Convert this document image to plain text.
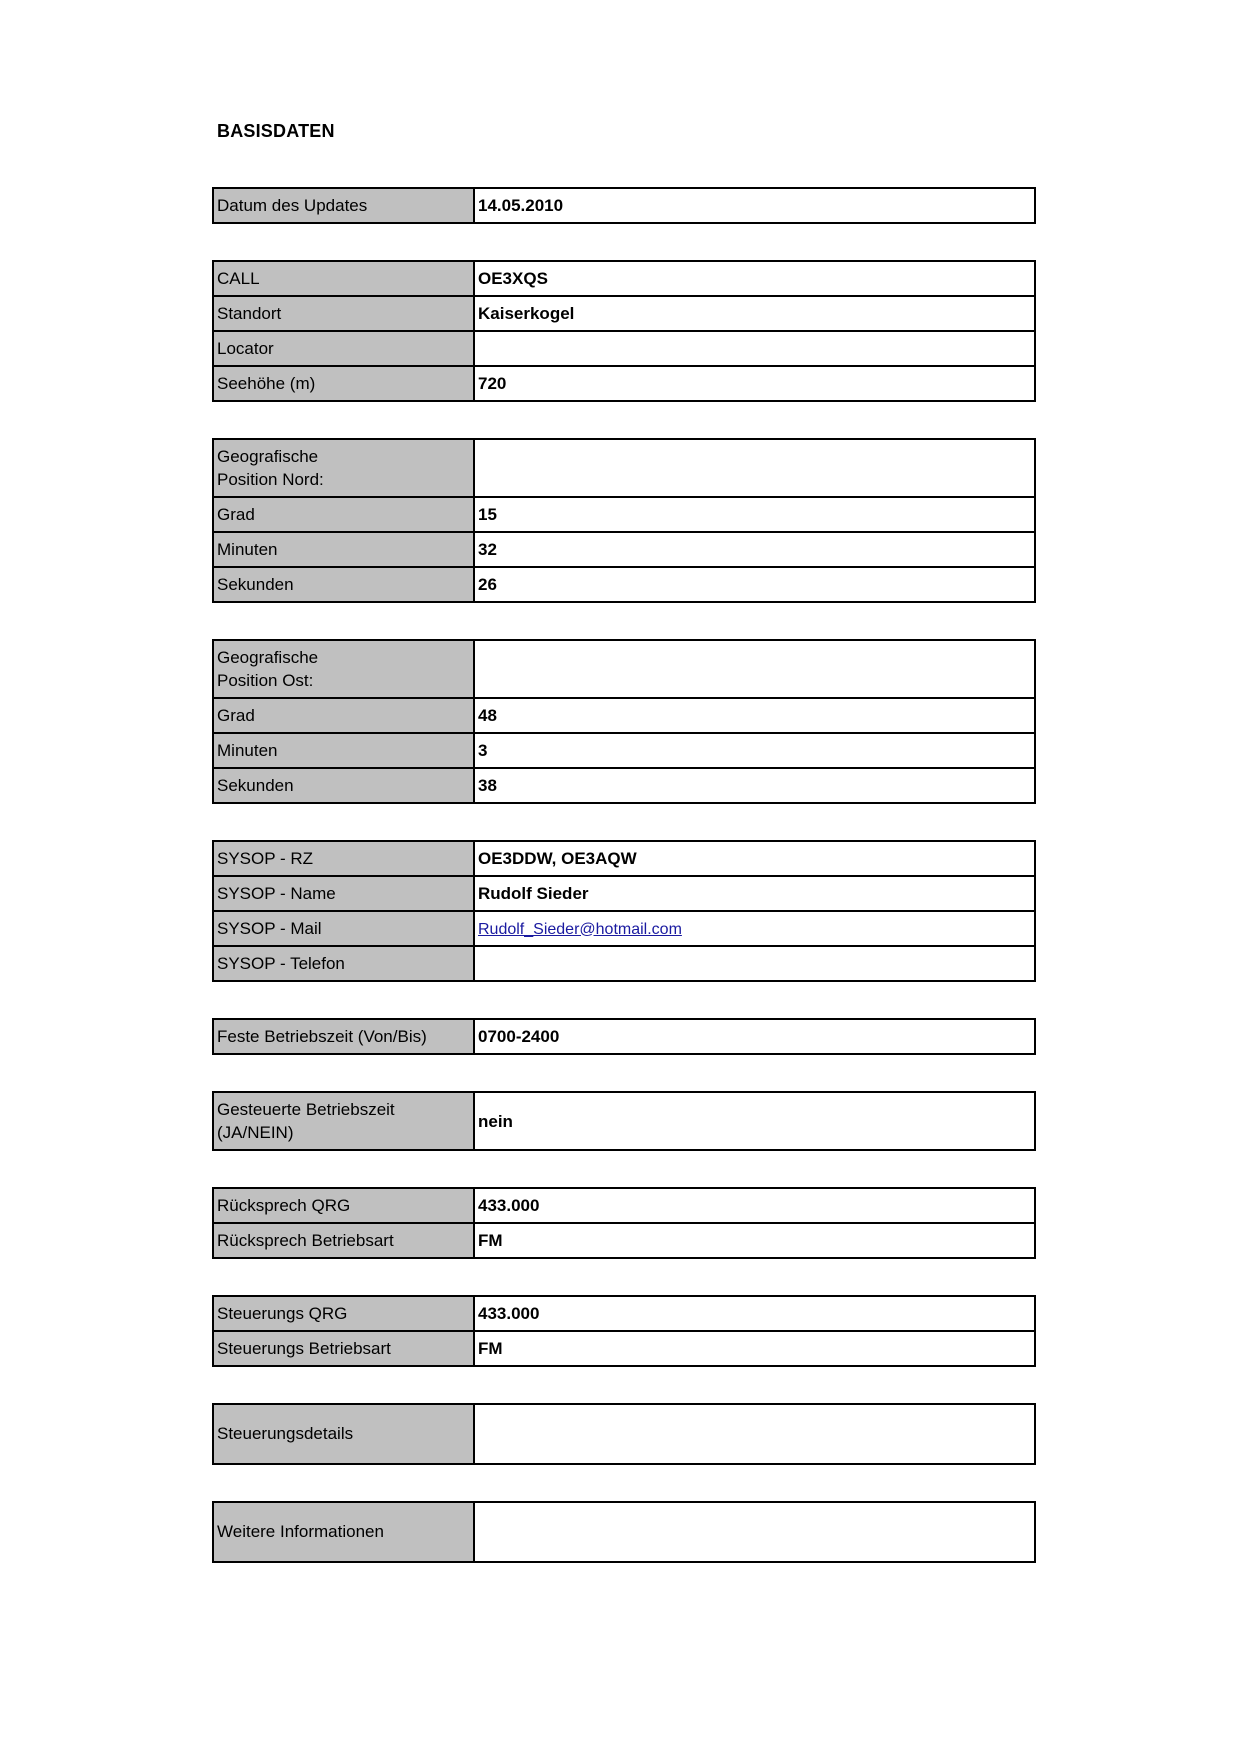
BASISDATEN
Datum des Updates	14.05.2010
CALL	OE3XQS
Standort	Kaiserkogel
Locator	
Seehöhe (m)	720
Geografische
Position Nord:	
Grad	15
Minuten	32
Sekunden	26
Geografische
Position Ost:	
Grad	48
Minuten	3
Sekunden	38
SYSOP - RZ	OE3DDW, OE3AQW
SYSOP - Name	Rudolf Sieder
SYSOP - Mail	Rudolf_Sieder@hotmail.com
SYSOP - Telefon	
Feste Betriebszeit (Von/Bis)	0700-2400
Gesteuerte Betriebszeit
(JA/NEIN)	nein
Rücksprech QRG	433.000
Rücksprech Betriebsart	FM
Steuerungs QRG	433.000
Steuerungs Betriebsart	FM
Steuerungsdetails	
Weitere Informationen	
